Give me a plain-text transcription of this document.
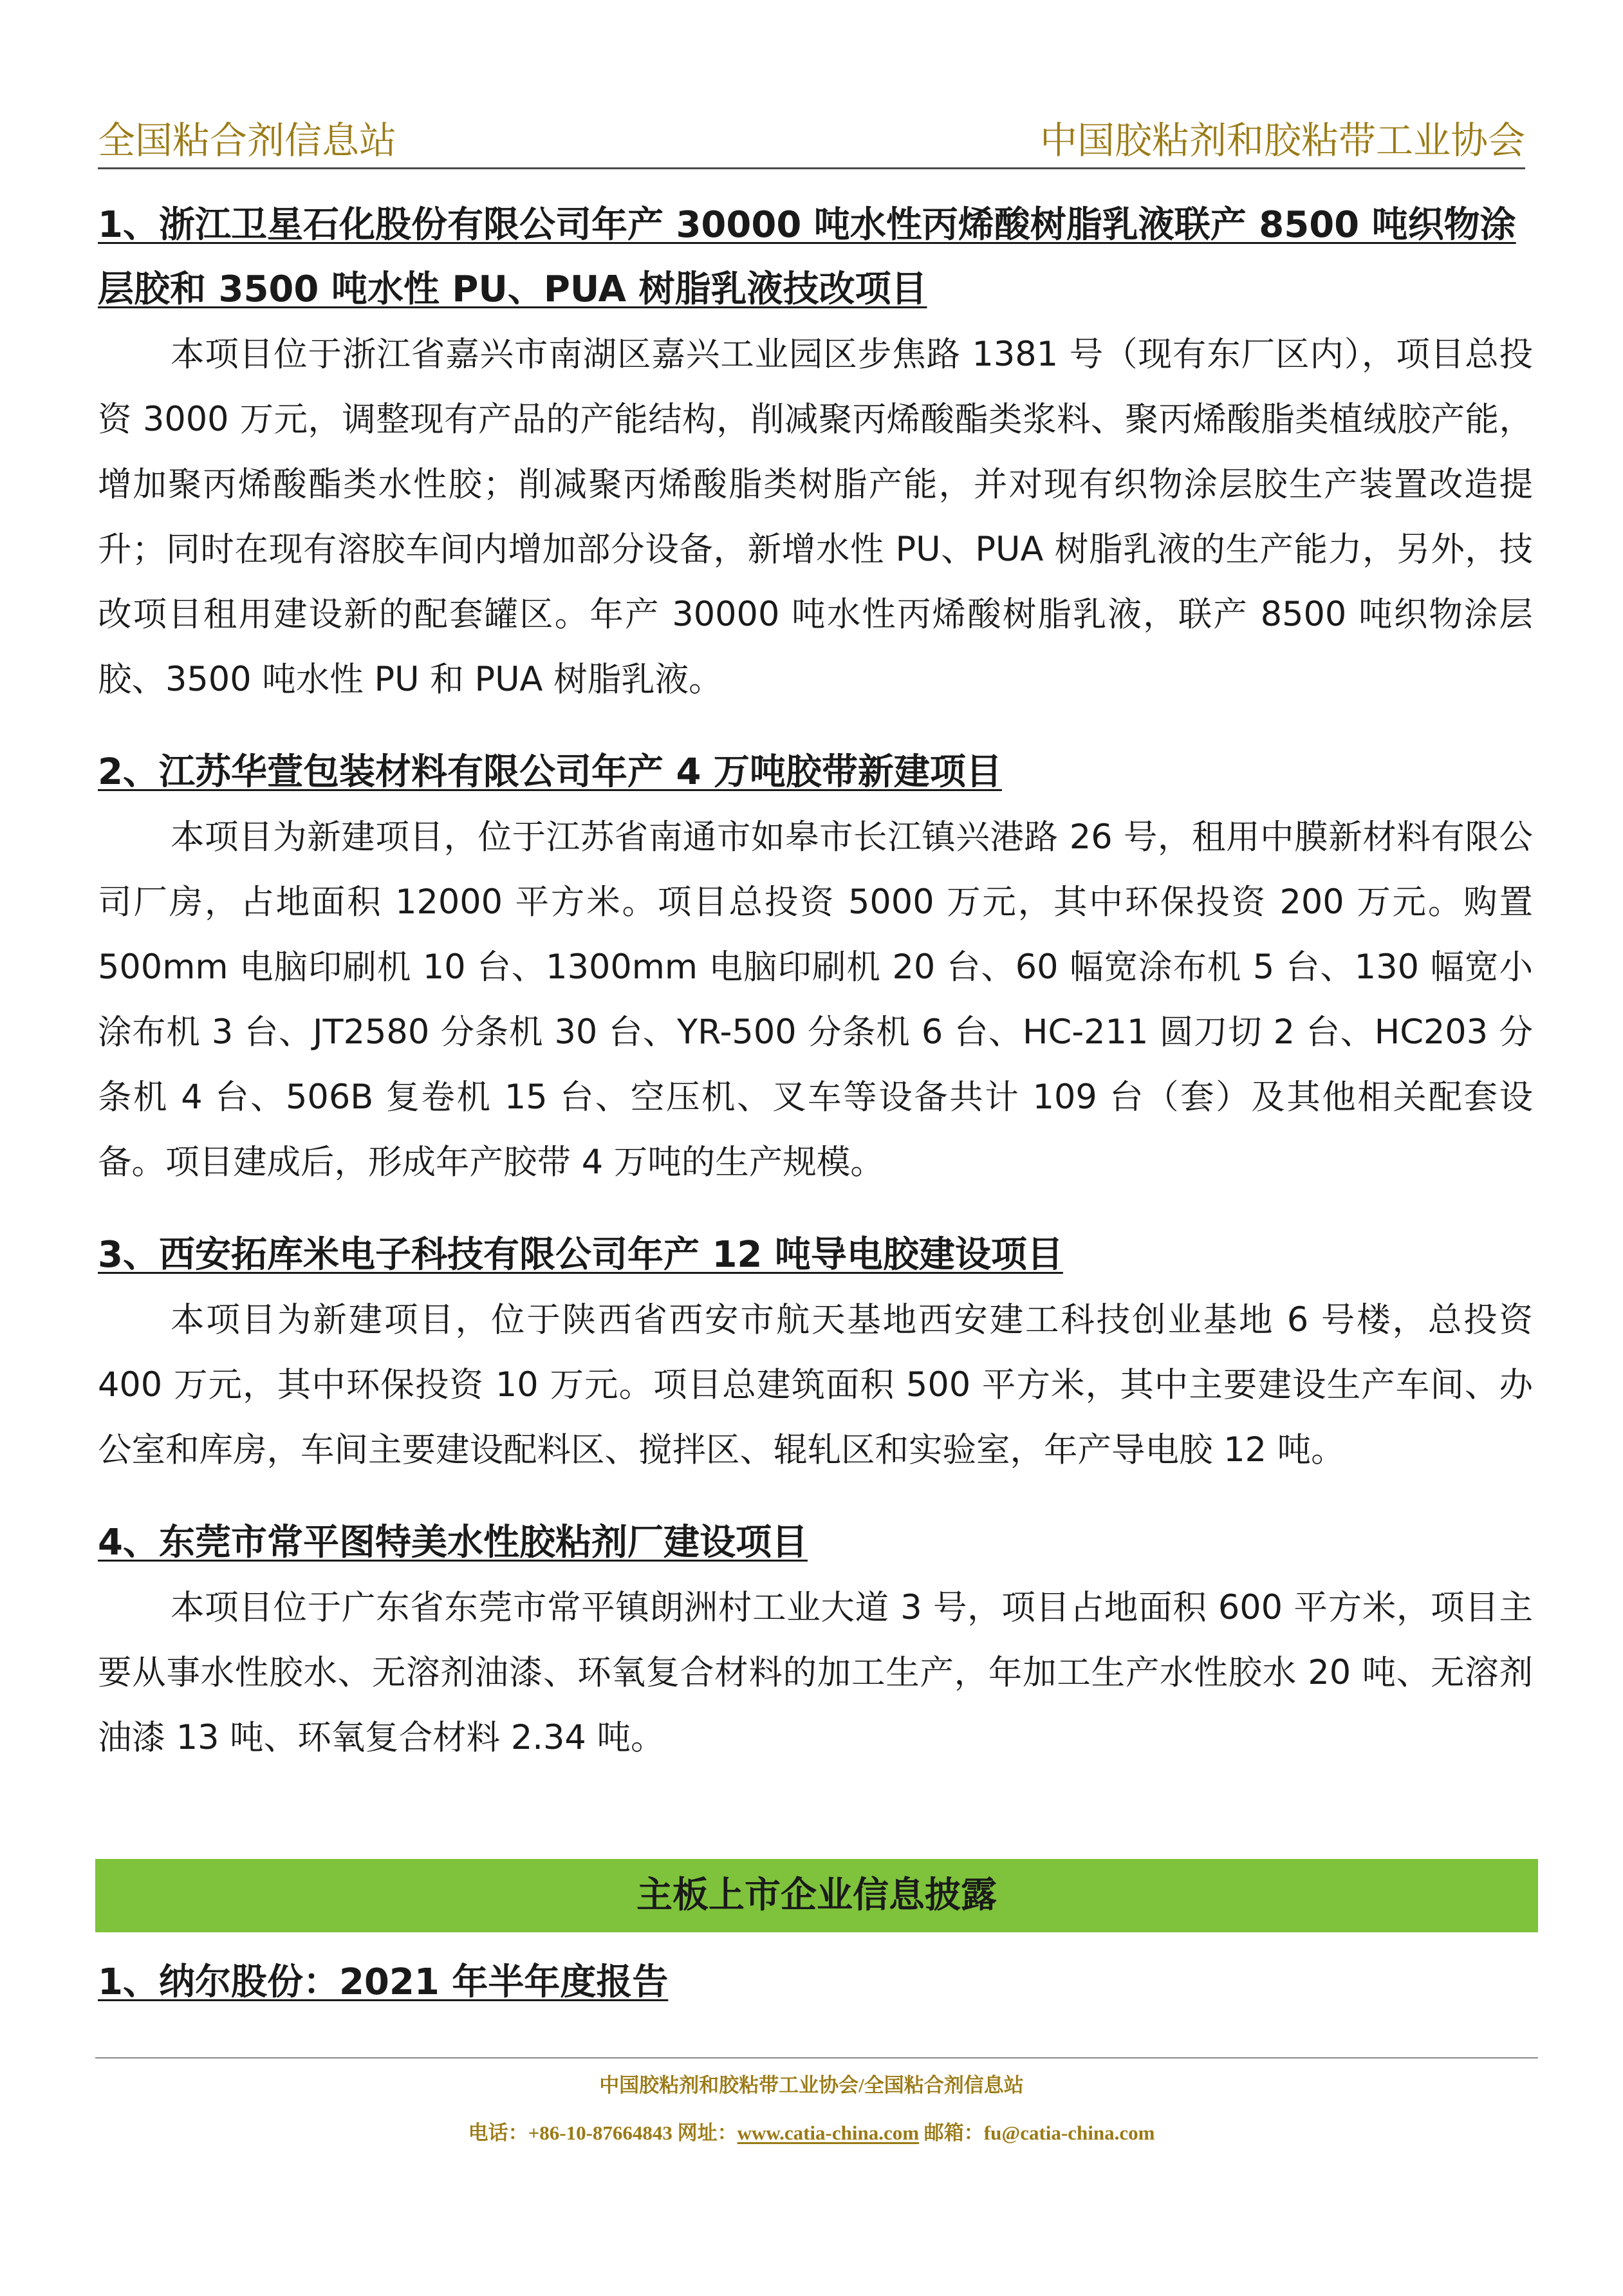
全国粘合剂信息站	中国胶粘剂和胶粘带工业协会

1、浙江卫星石化股份有限公司年产 30000 吨水性丙烯酸树脂乳液联产 8500 吨织物涂层胶和 3500 吨水性 PU、PUA 树脂乳液技改项目

本项目位于浙江省嘉兴市南湖区嘉兴工业园区步焦路 1381 号（现有东厂区内），项目总投资 3000 万元，调整现有产品的产能结构，削减聚丙烯酸酯类浆料、聚丙烯酸脂类植绒胶产能，增加聚丙烯酸酯类水性胶；削减聚丙烯酸脂类树脂产能，并对现有织物涂层胶生产装置改造提升；同时在现有溶胶车间内增加部分设备，新增水性 PU、PUA 树脂乳液的生产能力，另外，技改项目租用建设新的配套罐区。年产 30000 吨水性丙烯酸树脂乳液，联产 8500 吨织物涂层胶、3500 吨水性 PU 和 PUA 树脂乳液。

2、江苏华萱包装材料有限公司年产 4 万吨胶带新建项目

本项目为新建项目，位于江苏省南通市如皋市长江镇兴港路 26 号，租用中膜新材料有限公司厂房，占地面积 12000 平方米。项目总投资 5000 万元，其中环保投资 200 万元。购置 500mm 电脑印刷机 10 台、1300mm 电脑印刷机 20 台、60 幅宽涂布机 5 台、130 幅宽小涂布机 3 台、JT2580 分条机 30 台、YR-500 分条机 6 台、HC-211 圆刀切 2 台、HC203 分条机 4 台、506B 复卷机 15 台、空压机、叉车等设备共计 109 台（套）及其他相关配套设备。项目建成后，形成年产胶带 4 万吨的生产规模。

3、西安拓库米电子科技有限公司年产 12 吨导电胶建设项目

本项目为新建项目，位于陕西省西安市航天基地西安建工科技创业基地 6 号楼，总投资 400 万元，其中环保投资 10 万元。项目总建筑面积 500 平方米，其中主要建设生产车间、办公室和库房，车间主要建设配料区、搅拌区、辊轧区和实验室，年产导电胶 12 吨。

4、东莞市常平图特美水性胶粘剂厂建设项目

本项目位于广东省东莞市常平镇朗洲村工业大道 3 号，项目占地面积 600 平方米，项目主要从事水性胶水、无溶剂油漆、环氧复合材料的加工生产，年加工生产水性胶水 20 吨、无溶剂油漆 13 吨、环氧复合材料 2.34 吨。

主板上市企业信息披露

1、纳尔股份：2021 年半年度报告

中国胶粘剂和胶粘带工业协会/全国粘合剂信息站
电话：+86-10-87664843 网址：www.catia-china.com 邮箱：fu@catia-china.com
